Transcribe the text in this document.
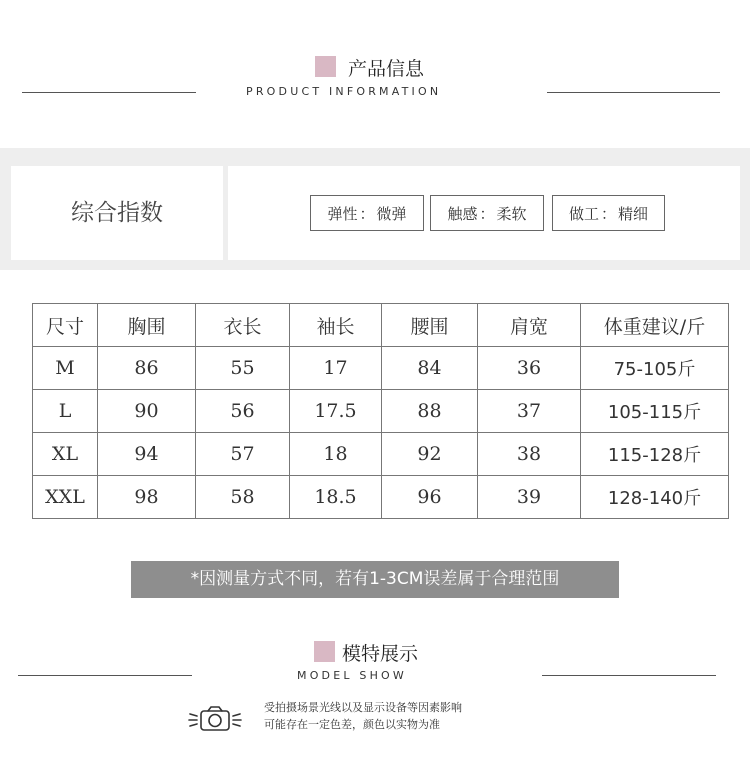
产品信息
PRODUCT INFORMATION
综合指数	弹性 ： 微弹	触感 ： 柔软	做工 ： 精细
尺寸	胸围	衣长	袖长	腰围	肩宽	体重建议/斤
M	86	55	17	84	36	75-105斤
L	90	56	17.5	88	37	105-115斤
XL	94	57	18	92	38	115-128斤
XXL	98	58	18.5	96	39	128-140斤
*因测量方式不同，若有1-3CM误差属于合理范围
模特展示
MODEL SHOW
受拍摄场景光线以及显示设备等因素影响
可能存在一定色差，颜色以实物为准
